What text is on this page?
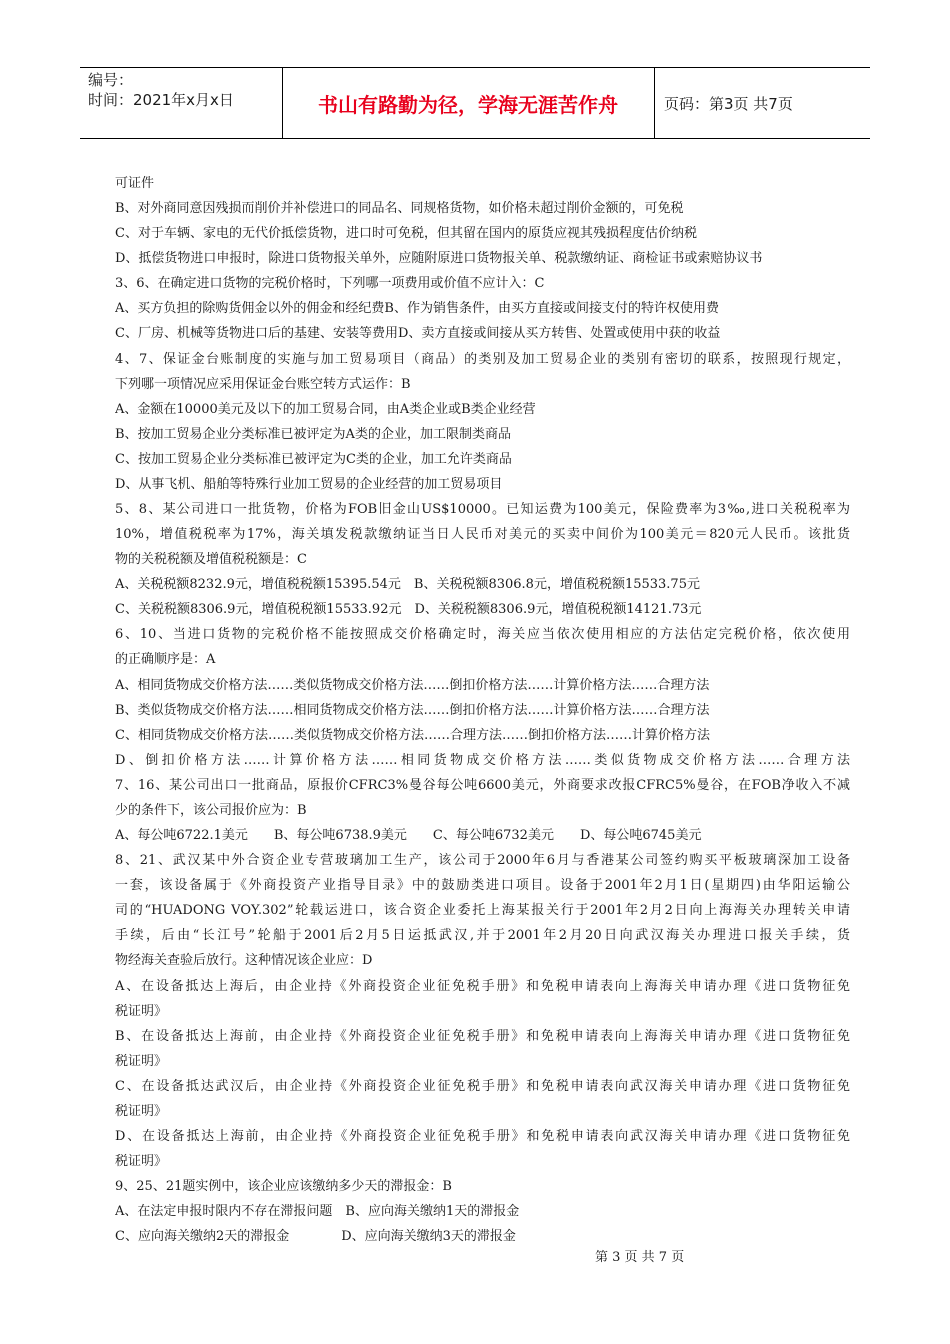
编号：
时间：2021年x月x日	书山有路勤为径，学海无涯苦作舟	页码：第3页 共7页
可证件
B、对外商同意因残损而削价并补偿进口的同品名、同规格货物，如价格未超过削价金额的，可免税
C、对于车辆、家电的无代价抵偿货物，进口时可免税，但其留在国内的原货应视其残损程度估价纳税
D、抵偿货物进口申报时，除进口货物报关单外，应随附原进口货物报关单、税款缴纳证、商检证书或索赔协议书
3、6、在确定进口货物的完税价格时，下列哪一项费用或价值不应计入：C
A、买方负担的除购货佣金以外的佣金和经纪费B、作为销售条件，由买方直接或间接支付的特许权使用费
C、厂房、机械等货物进口后的基建、安装等费用D、卖方直接或间接从买方转售、处置或使用中获的收益
4、7、保证金台账制度的实施与加工贸易项目（商品）的类别及加工贸易企业的类别有密切的联系，按照现行规定，
下列哪一项情况应采用保证金台账空转方式运作：B
A、金额在10000美元及以下的加工贸易合同，由A类企业或B类企业经营
B、按加工贸易企业分类标准已被评定为A类的企业，加工限制类商品
C、按加工贸易企业分类标准已被评定为C类的企业，加工允许类商品
D、从事飞机、船舶等特殊行业加工贸易的企业经营的加工贸易项目
5、8、某公司进口一批货物，价格为FOB旧金山US$10000。已知运费为100美元，保险费率为3‰,进口关税税率为
10%，增值税税率为17%，海关填发税款缴纳证当日人民币对美元的买卖中间价为100美元＝820元人民币。该批货
物的关税税额及增值税税额是：C
A、关税税额8232.9元，增值税税额15395.54元　B、关税税额8306.8元，增值税税额15533.75元
C、关税税额8306.9元，增值税税额15533.92元　D、关税税额8306.9元，增值税税额14121.73元
6、10、当进口货物的完税价格不能按照成交价格确定时，海关应当依次使用相应的方法估定完税价格，依次使用
的正确顺序是：A
A、相同货物成交价格方法……类似货物成交价格方法……倒扣价格方法……计算价格方法……合理方法
B、类似货物成交价格方法……相同货物成交价格方法……倒扣价格方法……计算价格方法……合理方法
C、相同货物成交价格方法……类似货物成交价格方法……合理方法……倒扣价格方法……计算价格方法
D、倒扣价格方法……计算价格方法……相同货物成交价格方法……类似货物成交价格方法……合理方法
7、16、某公司出口一批商品，原报价CFRC3%曼谷每公吨6600美元，外商要求改报CFRC5%曼谷，在FOB净收入不减
少的条件下，该公司报价应为：B
A、每公吨6722.1美元　　B、每公吨6738.9美元　　C、每公吨6732美元　　D、每公吨6745美元
8、21、武汉某中外合资企业专营玻璃加工生产，该公司于2000年6月与香港某公司签约购买平板玻璃深加工设备
一套，该设备属于《外商投资产业指导目录》中的鼓励类进口项目。设备于2001年2月1日(星期四)由华阳运输公
司的“HUADONG VOY.302”轮载运进口，该合资企业委托上海某报关行于2001年2月2日向上海海关办理转关申请
手续，后由“长江号”轮船于2001后2月5日运抵武汉,并于2001年2月20日向武汉海关办理进口报关手续，货
物经海关查验后放行。这种情况该企业应：D
A、在设备抵达上海后，由企业持《外商投资企业征免税手册》和免税申请表向上海海关申请办理《进口货物征免
税证明》
B、在设备抵达上海前，由企业持《外商投资企业征免税手册》和免税申请表向上海海关申请办理《进口货物征免
税证明》
C、在设备抵达武汉后，由企业持《外商投资企业征免税手册》和免税申请表向武汉海关申请办理《进口货物征免
税证明》
D、在设备抵达上海前，由企业持《外商投资企业征免税手册》和免税申请表向武汉海关申请办理《进口货物征免
税证明》
9、25、21题实例中，该企业应该缴纳多少天的滞报金：B
A、在法定申报时限内不存在滞报问题　B、应向海关缴纳1天的滞报金
C、应向海关缴纳2天的滞报金　　　　D、应向海关缴纳3天的滞报金
第 3 页 共 7 页
